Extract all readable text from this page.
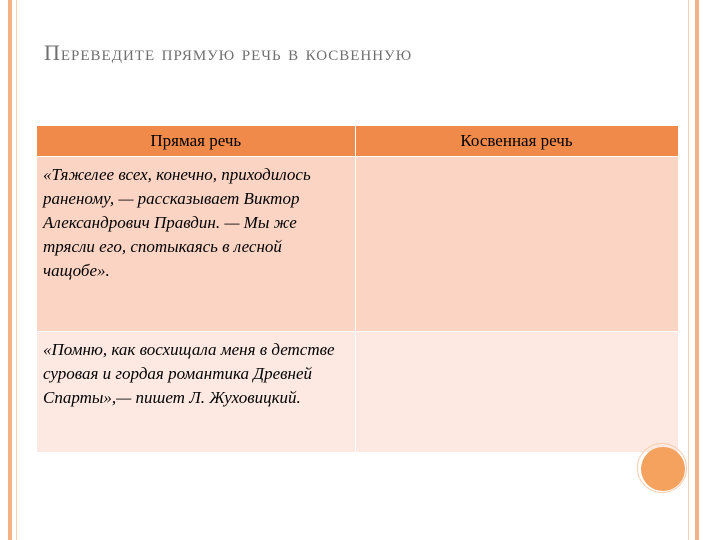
Переведите прямую речь в косвенную
Прямая речь	Косвенная речь
«Тяжелее всех, конечно, приходилось раненому, — рассказывает Виктор Александрович Правдин. — Мы же трясли его, спотыкаясь в лесной чащобе».	
«Помню, как восхищала меня в детстве суровая и гордая романтика Древней Спарты»,— пишет Л. Жуховицкий.	
